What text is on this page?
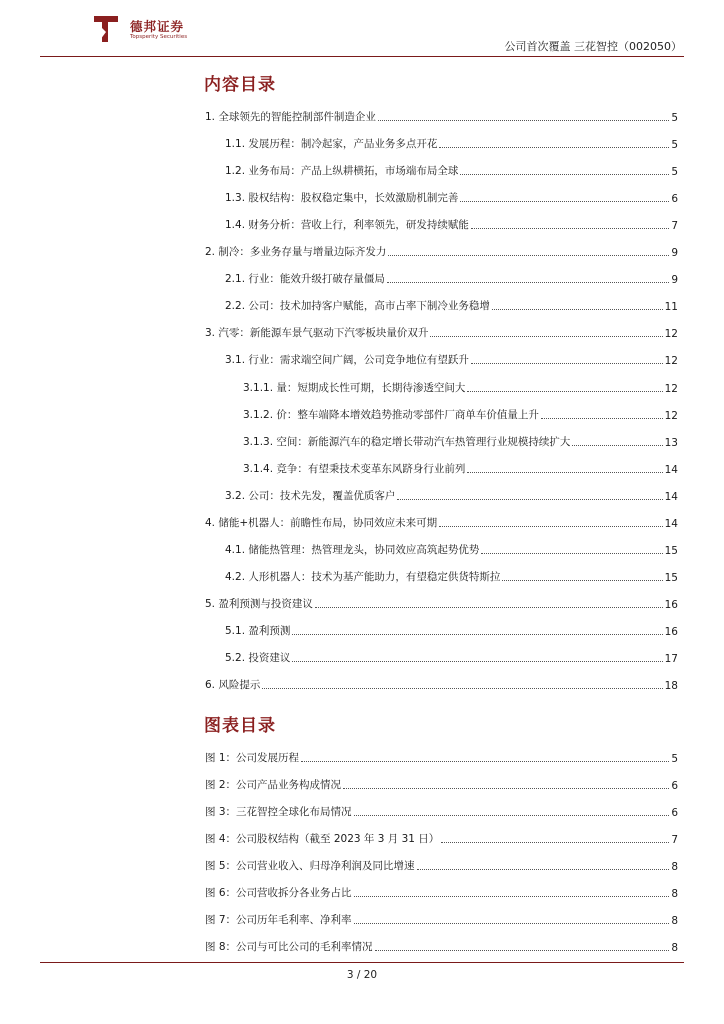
德邦证券
Topsperity Securities
公司首次覆盖 三花智控（002050）
内容目录
1. 全球领先的智能控制部件制造企业	5
1.1. 发展历程：制冷起家，产品业务多点开花	5
1.2. 业务布局：产品上纵耕横拓，市场端布局全球	5
1.3. 股权结构：股权稳定集中，长效激励机制完善	6
1.4. 财务分析：营收上行，利率领先，研发持续赋能	7
2. 制冷：多业务存量与增量边际齐发力	9
2.1. 行业：能效升级打破存量僵局	9
2.2. 公司：技术加持客户赋能，高市占率下制冷业务稳增	11
3. 汽零：新能源车景气驱动下汽零板块量价双升	12
3.1. 行业：需求端空间广阔，公司竞争地位有望跃升	12
3.1.1. 量：短期成长性可期，长期待渗透空间大	12
3.1.2. 价：整车端降本增效趋势推动零部件厂商单车价值量上升	12
3.1.3. 空间：新能源汽车的稳定增长带动汽车热管理行业规模持续扩大	13
3.1.4. 竞争：有望秉技术变革东风跻身行业前列	14
3.2. 公司：技术先发，覆盖优质客户	14
4. 储能+机器人：前瞻性布局，协同效应未来可期	14
4.1. 储能热管理：热管理龙头，协同效应高筑起势优势	15
4.2. 人形机器人：技术为基产能助力，有望稳定供货特斯拉	15
5. 盈利预测与投资建议	16
5.1. 盈利预测	16
5.2. 投资建议	17
6. 风险提示	18
图表目录
图 1：公司发展历程	5
图 2：公司产品业务构成情况	6
图 3：三花智控全球化布局情况	6
图 4：公司股权结构（截至 2023 年 3 月 31 日）	7
图 5：公司营业收入、归母净利润及同比增速	8
图 6：公司营收拆分各业务占比	8
图 7：公司历年毛利率、净利率	8
图 8：公司与可比公司的毛利率情况	8
3 / 20
